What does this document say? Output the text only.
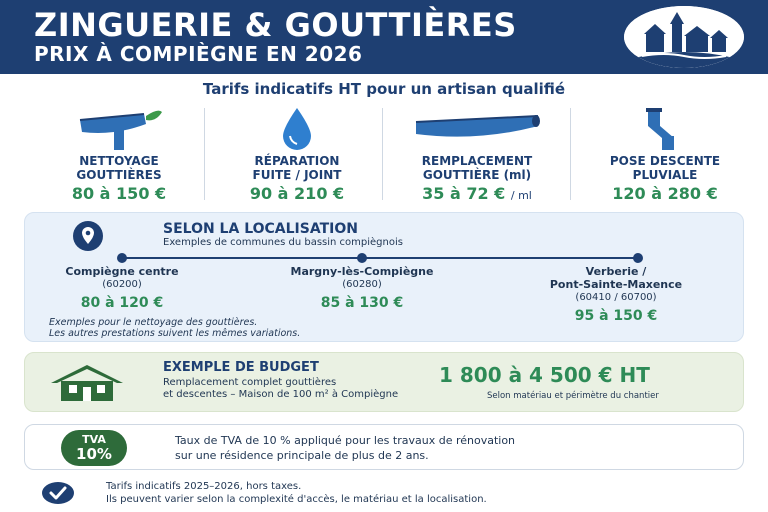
ZINGUERIE & GOUTTIÈRES
PRIX À COMPIÈGNE EN 2026
Tarifs indicatifs HT pour un artisan qualifié
NETTOYAGE
GOUTTIÈRES
80 à 150 €
RÉPARATION
FUITE / JOINT
90 à 210 €
REMPLACEMENT
GOUTTIÈRE (ml)
35 à 72 € / ml
POSE DESCENTE
PLUVIALE
120 à 280 €
SELON LA LOCALISATION
Exemples de communes du bassin compiègnois
Compiègne centre
(60200)
80 à 120 €
Margny-lès-Compiègne
(60280)
85 à 130 €
Verberie /
Pont-Sainte-Maxence
(60410 / 60700)
95 à 150 €
Exemples pour le nettoyage des gouttières.
Les autres prestations suivent les mêmes variations.
EXEMPLE DE BUDGET
Remplacement complet gouttières
et descentes – Maison de 100 m² à Compiègne
1 800 à 4 500 € HT
Selon matériau et périmètre du chantier
TVA
10%
Taux de TVA de 10 % appliqué pour les travaux de rénovation
sur une résidence principale de plus de 2 ans.
Tarifs indicatifs 2025–2026, hors taxes.
Ils peuvent varier selon la complexité d'accès, le matériau et la localisation.
